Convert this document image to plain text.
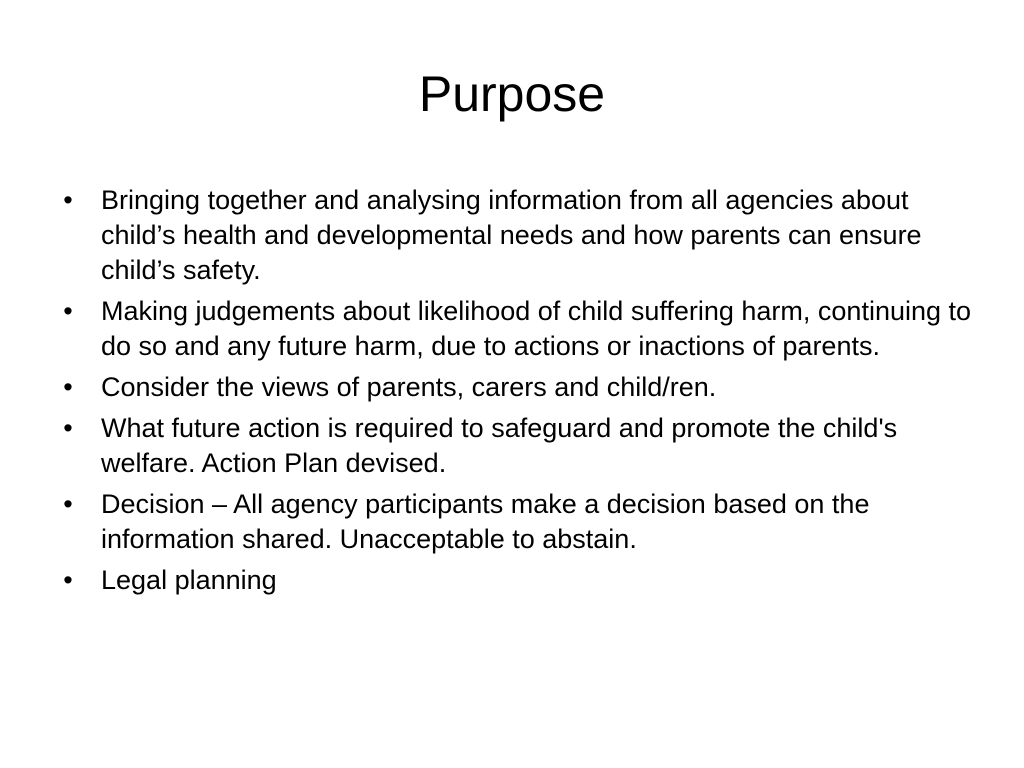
Purpose
• Bringing together and analysing information from all agencies about child’s health and developmental needs and how parents can ensure child’s safety.
• Making judgements about likelihood of child suffering harm, continuing to do so and any future harm, due to actions or inactions of parents.
• Consider the views of parents, carers and child/ren.
• What future action is required to safeguard and promote the child's welfare. Action Plan devised.
• Decision – All agency participants make a decision based on the information shared. Unacceptable to abstain.
• Legal planning
